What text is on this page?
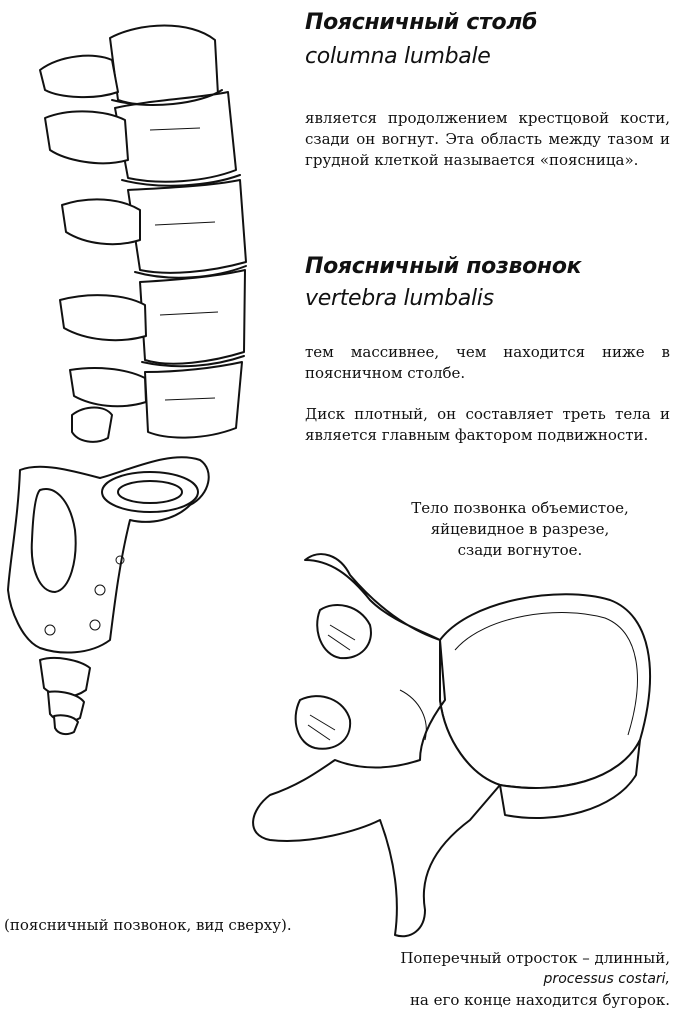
Поясничный столб
columna lumbale
является продолжением крестцовой кости, сзади он вогнут. Эта область между тазом и грудной клеткой называется «поясница».
Поясничный позвонок
vertebra lumbalis
тем массивнее, чем находится ниже в поясничном столбе.
Диск плотный, он составляет треть тела и является главным фактором подвижности.
Тело позвонка объемистое,
яйцевидное в разрезе,
сзади вогнутое.
(поясничный позвонок, вид сверху).
Поперечный отросток – длинный,
processus costari,
на его конце находится бугорок.
